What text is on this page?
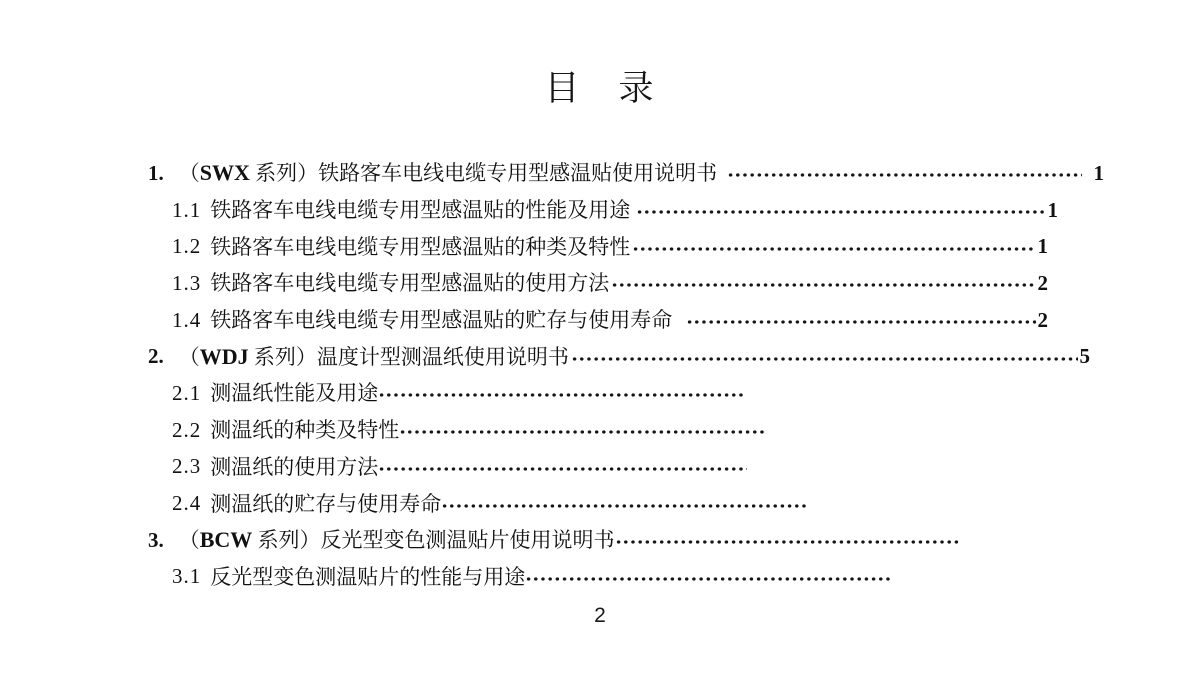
目　录
1. （SWX 系列）铁路客车电线电缆专用型感温贴使用说明书	1
1.1 铁路客车电线电缆专用型感温贴的性能及用途	1
1.2 铁路客车电线电缆专用型感温贴的种类及特性	1
1.3 铁路客车电线电缆专用型感温贴的使用方法	2
1.4 铁路客车电线电缆专用型感温贴的贮存与使用寿命	2
2. （WDJ 系列）温度计型测温纸使用说明书	5
2.1 测温纸性能及用途
2.2 测温纸的种类及特性
2.3 测温纸的使用方法
2.4 测温纸的贮存与使用寿命
3. （BCW 系列）反光型变色测温贴片使用说明书
3.1 反光型变色测温贴片的性能与用途
2
